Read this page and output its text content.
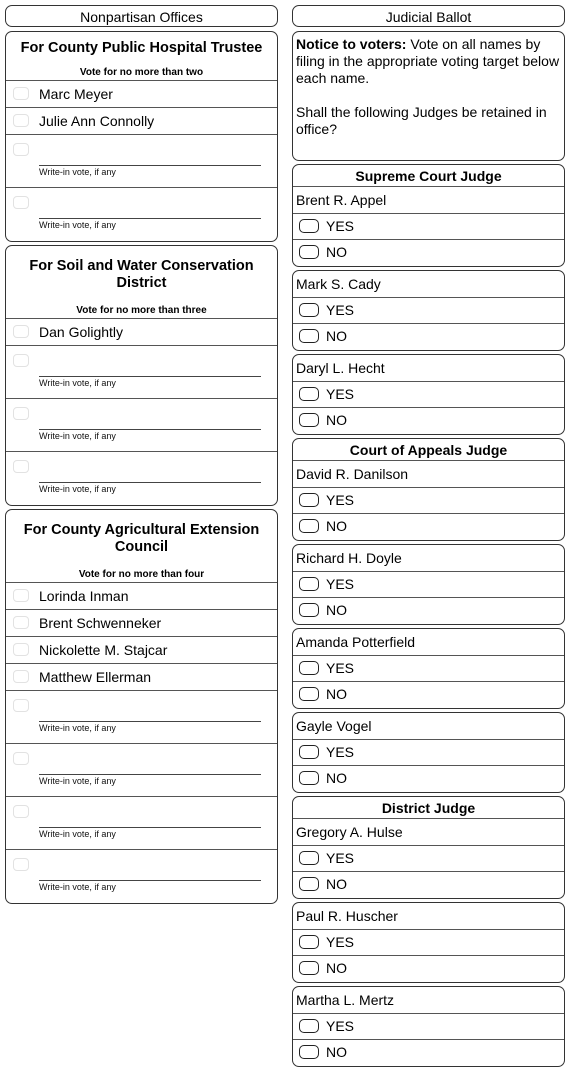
Nonpartisan Offices
For County Public Hospital Trustee
Vote for no more than two
Marc Meyer
Julie Ann Connolly
Write-in vote, if any
Write-in vote, if any
For Soil and Water Conservation District
Vote for no more than three
Dan Golightly
Write-in vote, if any
Write-in vote, if any
Write-in vote, if any
For County Agricultural Extension Council
Vote for no more than four
Lorinda Inman
Brent Schwenneker
Nickolette M. Stajcar
Matthew Ellerman
Write-in vote, if any
Write-in vote, if any
Write-in vote, if any
Write-in vote, if any
Judicial Ballot

Notice to voters: Vote on all names by filing in the appropriate voting target below each name.

Shall the following Judges be retained in office?

Supreme Court Judge
Brent R. Appel
YES
NO
Mark S. Cady
YES
NO
Daryl L. Hecht
YES
NO
Court of Appeals Judge
David R. Danilson
YES
NO
Richard H. Doyle
YES
NO
Amanda Potterfield
YES
NO
Gayle Vogel
YES
NO
District Judge
Gregory A. Hulse
YES
NO
Paul R. Huscher
YES
NO
Martha L. Mertz
YES
NO
